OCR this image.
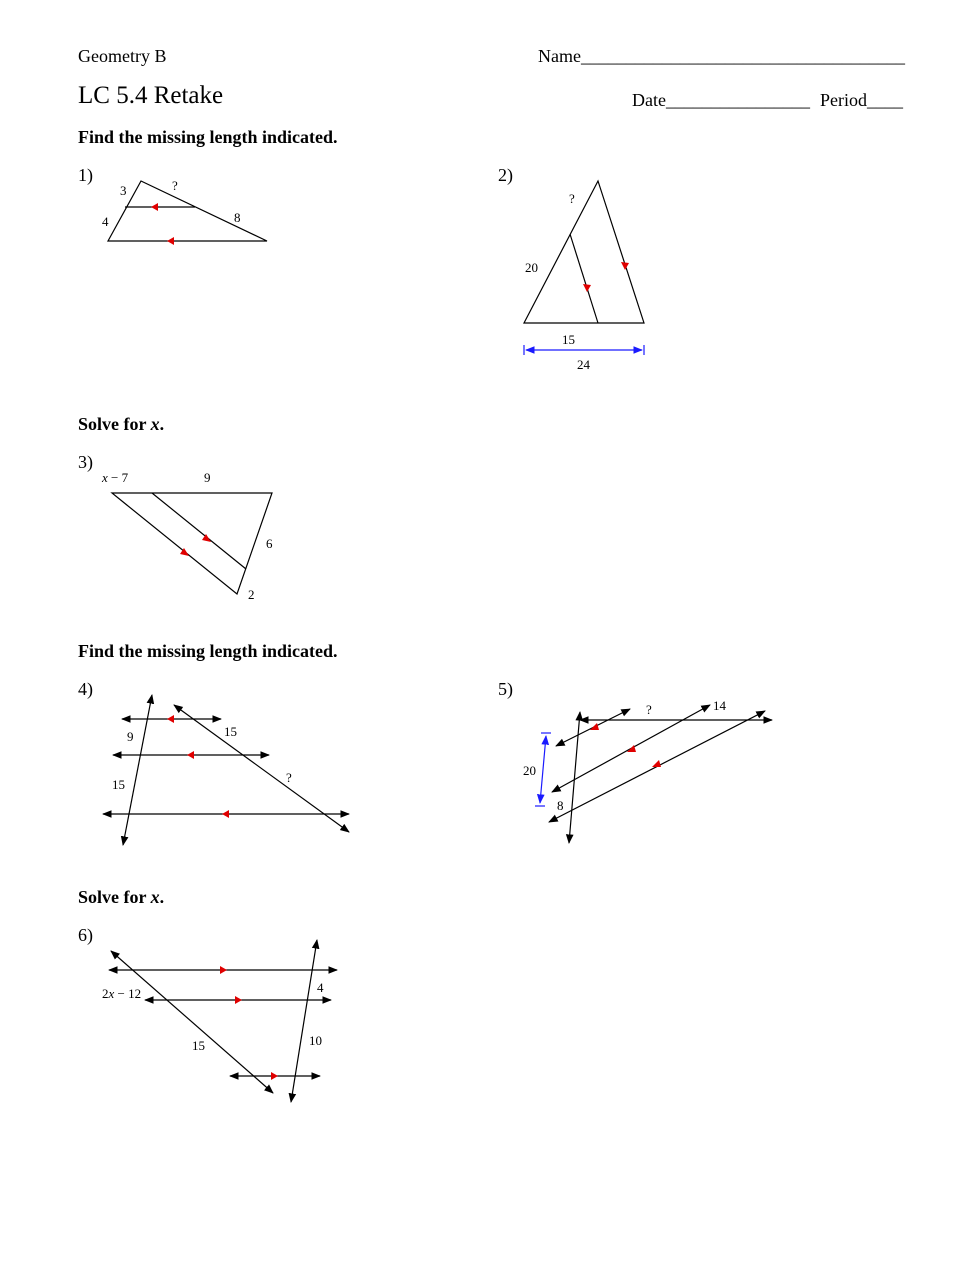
Geometry B	Name____________________________________
LC 5.4 Retake	Date________________ Period____
Find the missing length indicated.
Solve for x.
Find the missing length indicated.
Solve for x.
1)	2)
3)
4)	5)
6)
3	?
4	8
?
20
15
24
x − 7	9
6
2
9	15
15	?
?	14
20
8
2x − 12	4
15	10
